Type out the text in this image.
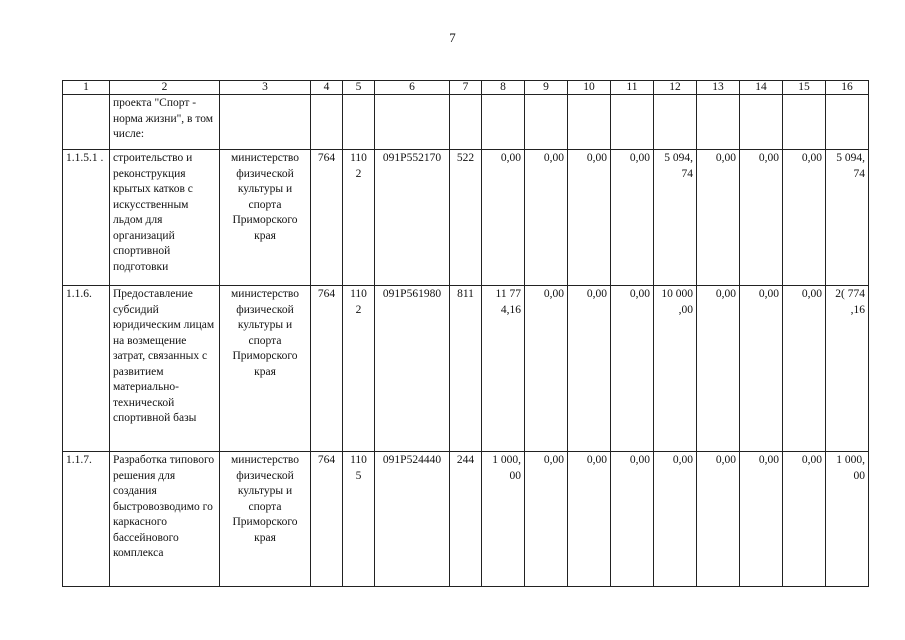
7
1	2	3	4	5	6	7	8	9	10	11	12	13	14	15	16
	проекта "Спорт - норма жизни", в том числе:														
1.1.5.1 .	строительство и реконструкция крытых катков с искусственным льдом для организаций спортивной подготовки	министерство физической культуры и спорта Приморского края	764	110 2	091P552170	522	0,00	0,00	0,00	0,00	5 094, 74	0,00	0,00	0,00	5 094, 74
1.1.6.	Предоставление субсидий юридическим лицам на возмещение затрат, связанных с развитием материально-технической спортивной базы	министерство физической культуры и спорта Приморского края	764	110 2	091P561980	811	11 77 4,16	0,00	0,00	0,00	10 000 ,00	0,00	0,00	0,00	2( 774 ,16
1.1.7.	Разработка типового решения для создания быстровозводимо го каркасного бассейнового комплекса	министерство физической культуры и спорта Приморского края	764	110 5	091P524440	244	1 000, 00	0,00	0,00	0,00	0,00	0,00	0,00	0,00	1 000, 00
